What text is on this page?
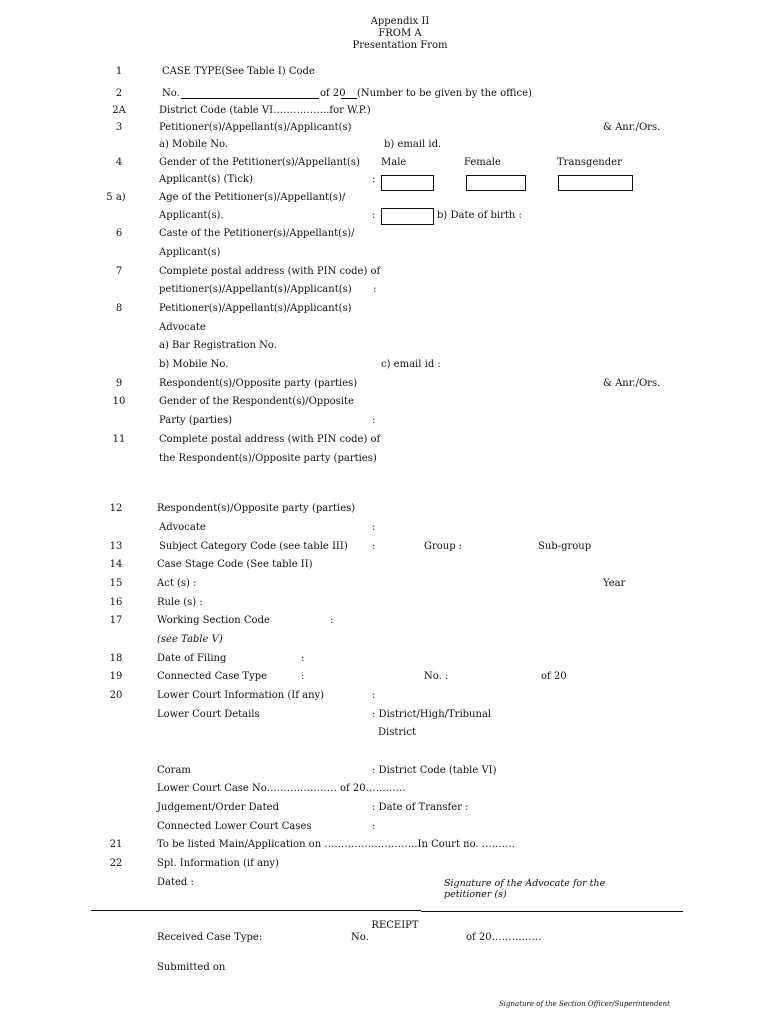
Appendix II
FROM A
Presentation From
1	CASE TYPE(See Table I) Code
2	No.	of 20 (Number to be given by the office)
2A	District Code (table VI……………..for W.P.)
3	Petitioner(s)/Appellant(s)/Applicant(s)	& Anr./Ors.
a) Mobile No.	b) email id.
4	Gender of the Petitioner(s)/Appellant(s) Male	Female	Transgender
Applicant(s) (Tick)	:
5 a)	Age of the Petitioner(s)/Appellant(s)/
Applicant(s).	:	b) Date of birth :
6	Caste of the Petitioner(s)/Appellant(s)/
Applicant(s)
7	Complete postal address (with PIN code) of
petitioner(s)/Appellant(s)/Applicant(s) :
8	Petitioner(s)/Appellant(s)/Applicant(s)
Advocate
a) Bar Registration No.
b) Mobile No.	c) email id :
9	Respondent(s)/Opposite party (parties)	& Anr./Ors.
10	Gender of the Respondent(s)/Opposite
Party (parties)	:
11	Complete postal address (with PIN code) of
the Respondent(s)/Opposite party (parties)
12	Respondent(s)/Opposite party (parties)
Advocate	:
13	Subject Category Code (see table III) :	Group :	Sub-group
14	Case Stage Code (See table II)
15	Act (s) :	Year
16	Rule (s) :
17	Working Section Code	:
(see Table V)
18	Date of Filing	:
19	Connected Case Type	:	No. :	of 20
20	Lower Court Information (If any)	:
Lower Court Details	: District/High/Tribunal
District
Coram	: District Code (table VI)
Lower Court Case No………………… of 20…………
Judgement/Order Dated	: Date of Transfer :
Connected Lower Court Cases	:
21	To be listed Main/Application on ……………………….In Court no. ……….
22	Spl. Information (if any)
Dated :	Signature of the Advocate for the
petitioner (s)
RECEIPT
Received Case Type:	No.	of 20……………
Submitted on
Signature of the Section Officer/Superintendent
